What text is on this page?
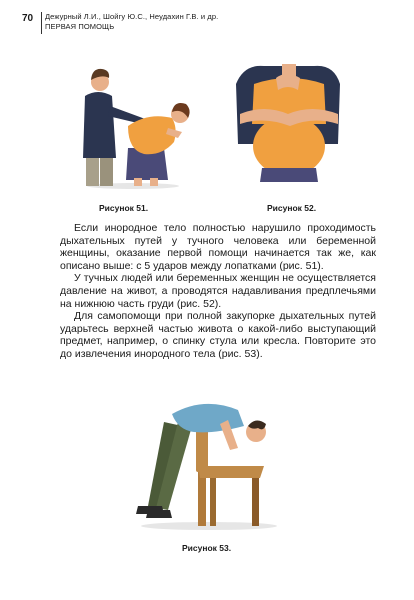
70	Дежурный Л.И., Шойгу Ю.С., Неудахин Г.В. и др.
ПЕРВАЯ ПОМОЩЬ
Рисунок 51.	Рисунок 52.

Если инородное тело полностью нарушило проходимость дыхательных путей у тучного человека или беременной женщины, оказание первой помощи начинается так же, как описано выше: с 5 ударов между лопатками (рис. 51).

У тучных людей или беременных женщин не осуществляется давление на живот, а проводятся надавливания предплечьями на нижнюю часть груди (рис. 52).

Для самопомощи при полной закупорке дыхательных путей ударьтесь верхней частью живота о какой-либо выступающий предмет, например, о спинку стула или кресла. Повторите это до извлечения инородного тела (рис. 53).

Рисунок 53.
